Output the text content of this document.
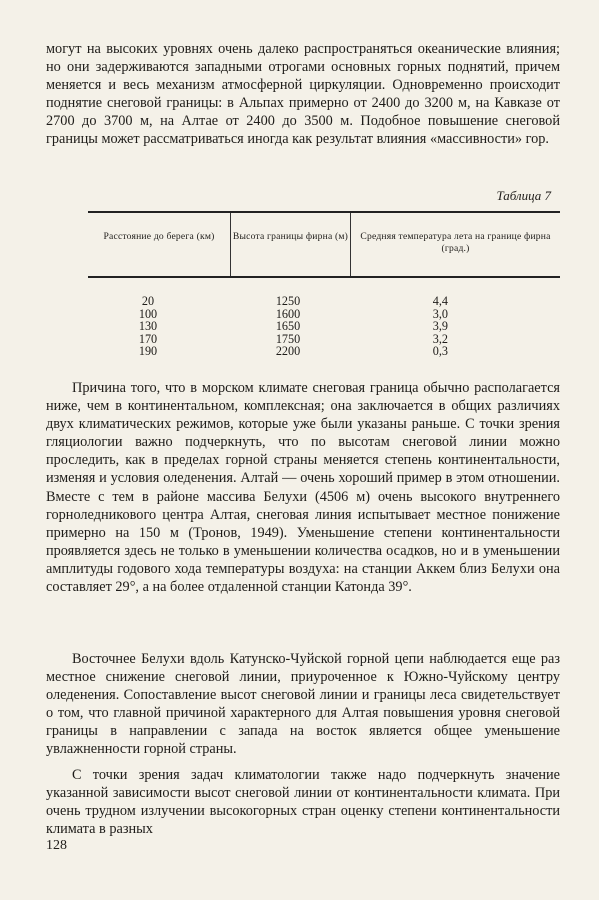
могут на высоких уровнях очень далеко распространяться океанические влияния; но они задерживаются западными отрогами основных горных поднятий, причем меняется и весь механизм атмосферной циркуляции. Одновременно происходит поднятие снеговой границы: в Альпах примерно от 2400 до 3200 м, на Кавказе от 2700 до 3700 м, на Алтае от 2400 до 3500 м. Подобное повышение снеговой границы может рассматриваться иногда как результат влияния «массивности» гор.

Таблица 7

Расстояние до берега (км)	Высота границы фирна (м)	Средняя температура лета на границе фирна (град.)
20	1250	4,4
100	1600	3,0
130	1650	3,9
170	1750	3,2
190	2200	0,3

Причина того, что в морском климате снеговая граница обычно располагается ниже, чем в континентальном, комплексная; она заключается в общих различиях двух климатических режимов, которые уже были указаны раньше. С точки зрения гляциологии важно подчеркнуть, что по высотам снеговой линии можно проследить, как в пределах горной страны меняется степень континентальности, изменяя и условия оледенения. Алтай — очень хороший пример в этом отношении. Вместе с тем в районе массива Белухи (4506 м) очень высокого внутреннего горноледникового центра Алтая, снеговая линия испытывает местное понижение примерно на 150 м (Тронов, 1949). Уменьшение степени континентальности проявляется здесь не только в уменьшении количества осадков, но и в уменьшении амплитуды годового хода температуры воздуха: на станции Аккем близ Белухи она составляет 29°, а на более отдаленной станции Катонда 39°.

Восточнее Белухи вдоль Катунско-Чуйской горной цепи наблюдается еще раз местное снижение снеговой линии, приуроченное к Южно-Чуйскому центру оледенения. Сопоставление высот снеговой линии и границы леса свидетельствует о том, что главной причиной характерного для Алтая повышения уровня снеговой границы в направлении с запада на восток является общее уменьшение увлажненности горной страны.

С точки зрения задач климатологии также надо подчеркнуть значение указанной зависимости высот снеговой линии от континентальности климата. При очень трудном излучении высокогорных стран оценку степени континентальности климата в разных

128
